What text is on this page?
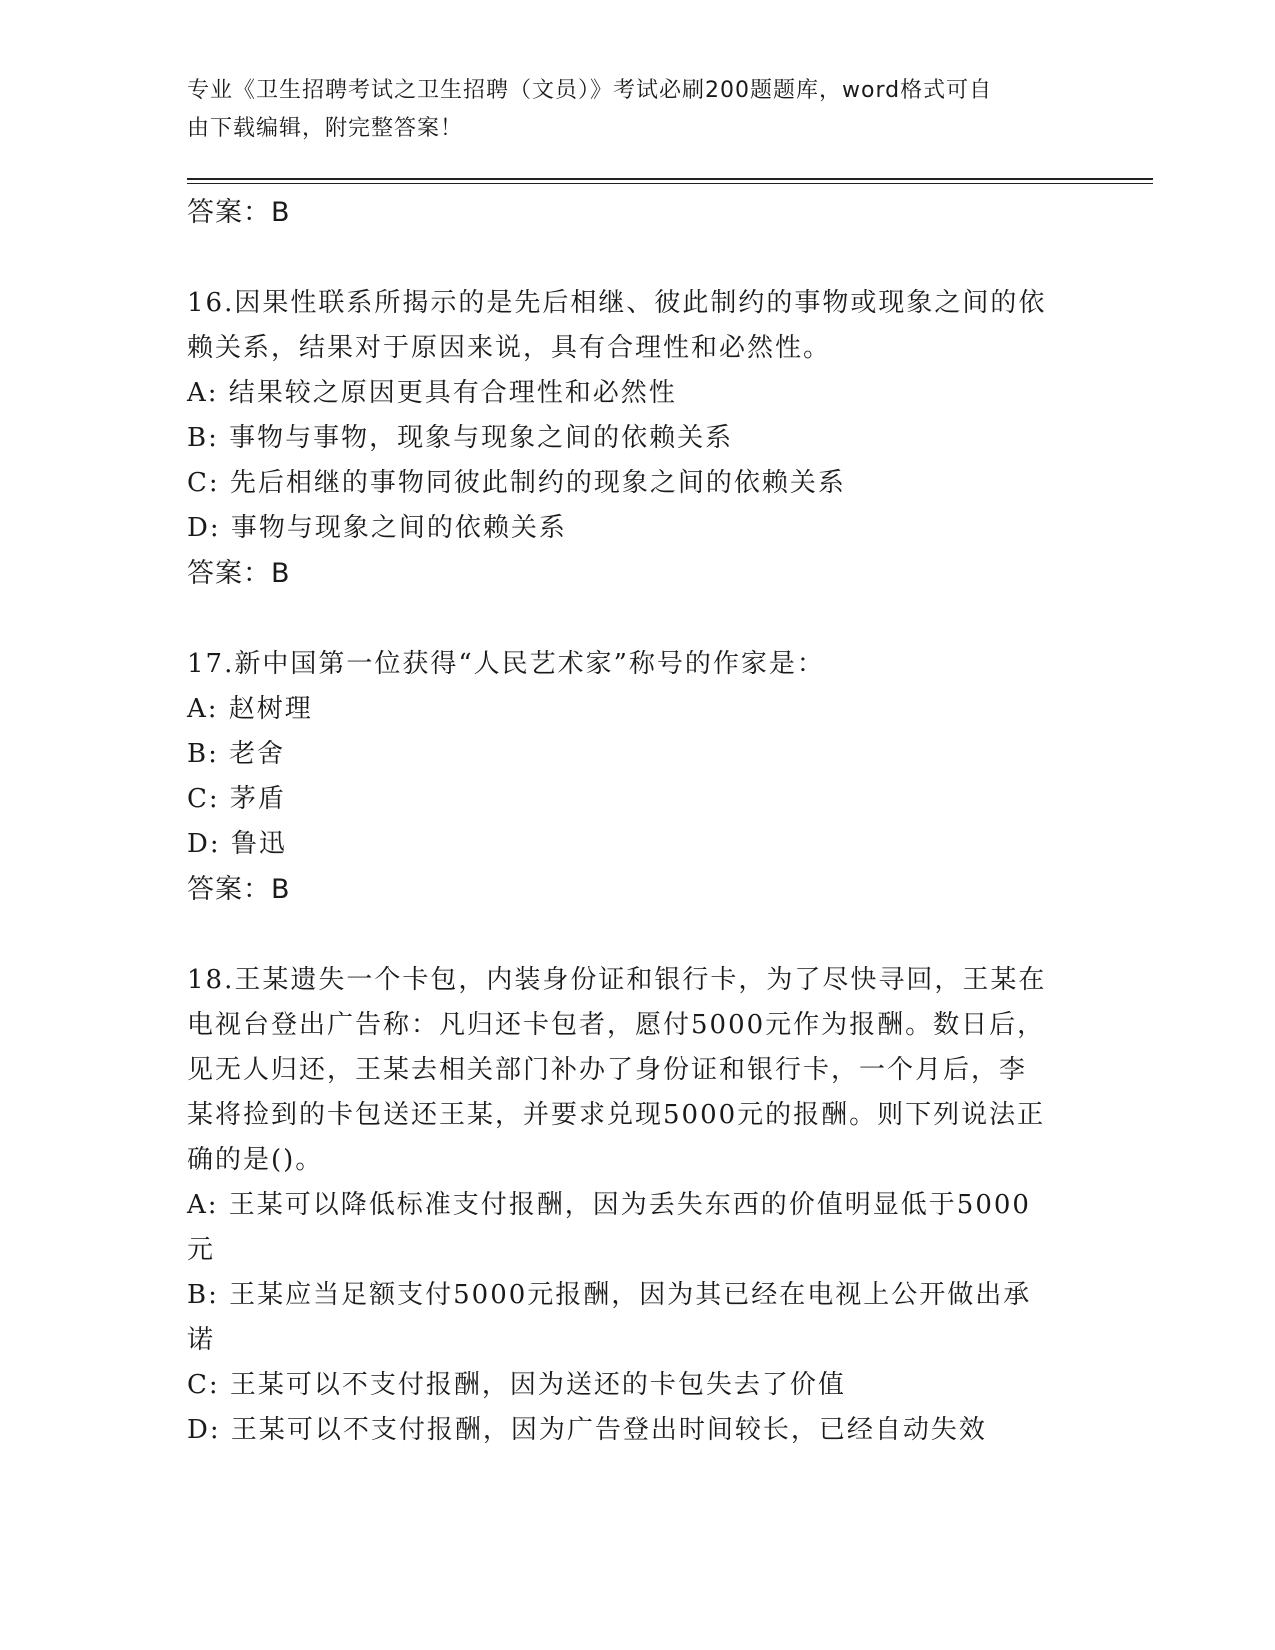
专业《卫生招聘考试之卫生招聘（文员）》考试必刷200题题库，word格式可自

由下载编辑，附完整答案！

答案：B

16.因果性联系所揭示的是先后相继、彼此制约的事物或现象之间的依

赖关系，结果对于原因来说，具有合理性和必然性。

A: 结果较之原因更具有合理性和必然性

B: 事物与事物，现象与现象之间的依赖关系

C: 先后相继的事物同彼此制约的现象之间的依赖关系

D: 事物与现象之间的依赖关系

答案：B

17.新中国第一位获得“人民艺术家”称号的作家是：

A: 赵树理

B: 老舍

C: 茅盾

D: 鲁迅

答案：B

18.王某遗失一个卡包，内装身份证和银行卡，为了尽快寻回，王某在

电视台登出广告称：凡归还卡包者，愿付5000元作为报酬。数日后，

见无人归还，王某去相关部门补办了身份证和银行卡，一个月后，李

某将捡到的卡包送还王某，并要求兑现5000元的报酬。则下列说法正

确的是()。

A: 王某可以降低标准支付报酬，因为丢失东西的价值明显低于5000

元

B: 王某应当足额支付5000元报酬，因为其已经在电视上公开做出承

诺

C: 王某可以不支付报酬，因为送还的卡包失去了价值

D: 王某可以不支付报酬，因为广告登出时间较长，已经自动失效
